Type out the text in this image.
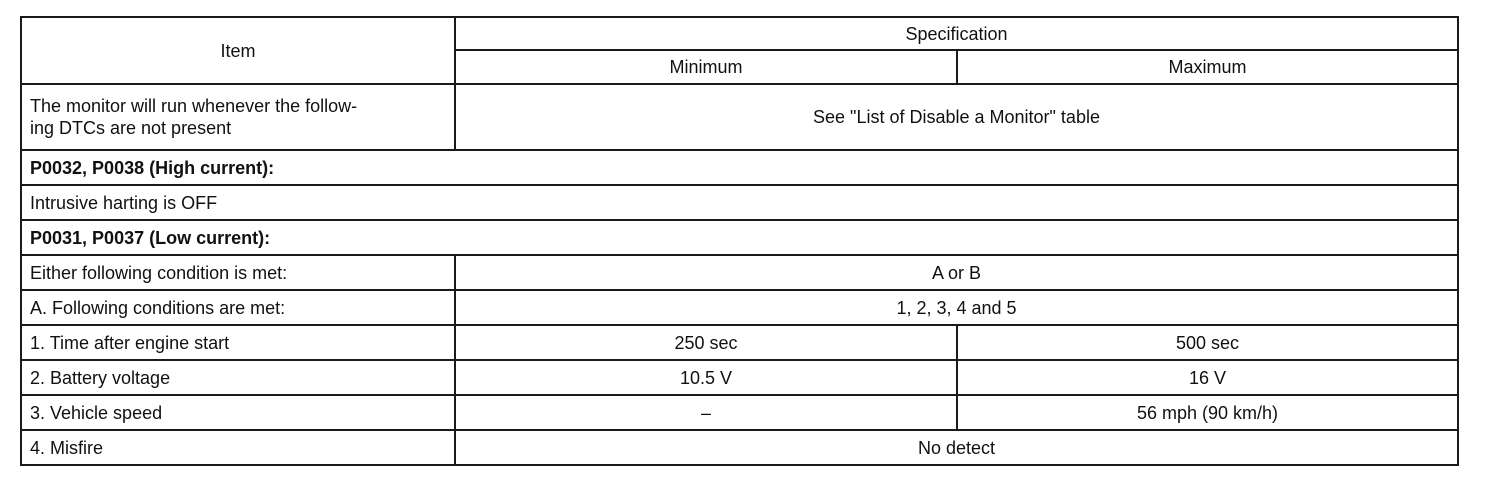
Item	Specification	
	Minimum	Maximum
The monitor will run whenever the follow-
ing DTCs are not present	See "List of Disable a Monitor" table	
P0032, P0038 (High current):		
Intrusive harting is OFF		
P0031, P0037 (Low current):		
Either following condition is met:	A or B	
A. Following conditions are met:	1, 2, 3, 4 and 5	
1. Time after engine start	250 sec	500 sec
2. Battery voltage	10.5 V	16 V
3. Vehicle speed	–	56 mph (90 km/h)
4. Misfire	No detect	
